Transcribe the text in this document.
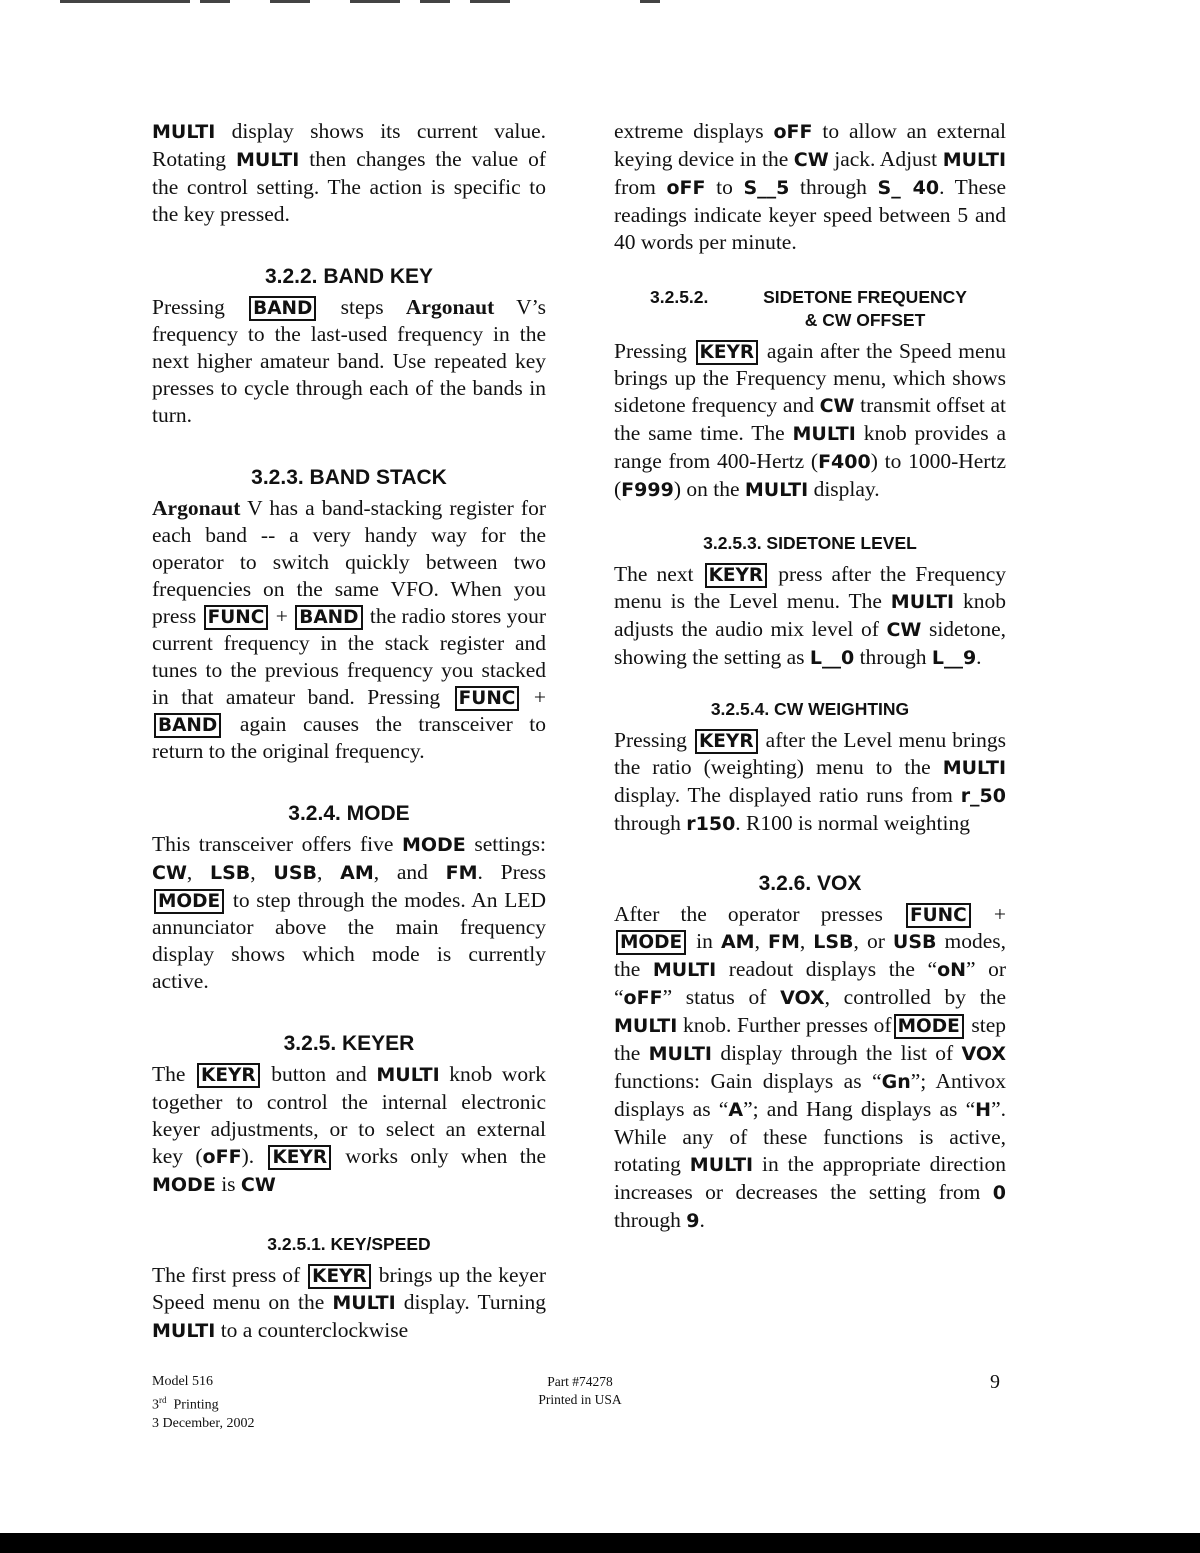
MULTI display shows its current value. Rotating MULTI then changes the value of the control setting. The action is specific to the key pressed.

3.2.2. BAND KEY

Pressing BAND steps Argonaut V’s frequency to the last-used frequency in the next higher amateur band. Use repeated key presses to cycle through each of the bands in turn.

3.2.3. BAND STACK

Argonaut V has a band-stacking register for each band -- a very handy way for the operator to switch quickly between two frequencies on the same VFO. When you press FUNC + BAND the radio stores your current frequency in the stack register and tunes to the previous frequency you stacked in that amateur band. Pressing FUNC + BAND again causes the transceiver to return to the original frequency.

3.2.4. MODE

This transceiver offers five MODE settings: CW, LSB, USB, AM, and FM. Press MODE to step through the modes. An LED annunciator above the main frequency display shows which mode is currently active.

3.2.5. KEYER

The KEYR button and MULTI knob work together to control the internal electronic keyer adjustments, or to select an external key (oFF). KEYR works only when the MODE is CW

3.2.5.1. KEY/SPEED

The first press of KEYR brings up the keyer Speed menu on the MULTI display. Turning MULTI to a counterclockwise

extreme displays oFF to allow an external keying device in the CW jack. Adjust MULTI from oFF to S__5 through S_ 40. These readings indicate keyer speed between 5 and 40 words per minute.

3.2.5.2.	SIDETONE FREQUENCY
& CW OFFSET

Pressing KEYR again after the Speed menu brings up the Frequency menu, which shows sidetone frequency and CW transmit offset at the same time. The MULTI knob provides a range from 400-Hertz (F400) to 1000-Hertz (F999) on the MULTI display.

3.2.5.3. SIDETONE LEVEL

The next KEYR press after the Frequency menu is the Level menu. The MULTI knob adjusts the audio mix level of CW sidetone, showing the setting as L__0 through L__9.

3.2.5.4. CW WEIGHTING

Pressing KEYR after the Level menu brings the ratio (weighting) menu to the MULTI display. The displayed ratio runs from r_50 through r150. R100 is normal weighting

3.2.6. VOX

After the operator presses FUNC + MODE in AM, FM, LSB, or USB modes, the MULTI readout displays the “oN” or “oFF” status of VOX, controlled by the MULTI knob. Further presses of MODE step the MULTI display through the list of VOX functions: Gain displays as “Gn”; Antivox displays as “A”; and Hang displays as “H”. While any of these functions is active, rotating MULTI in the appropriate direction increases or decreases the setting from 0 through 9.

Model 516
3rd Printing
3 December, 2002
Part #74278
Printed in USA
9
